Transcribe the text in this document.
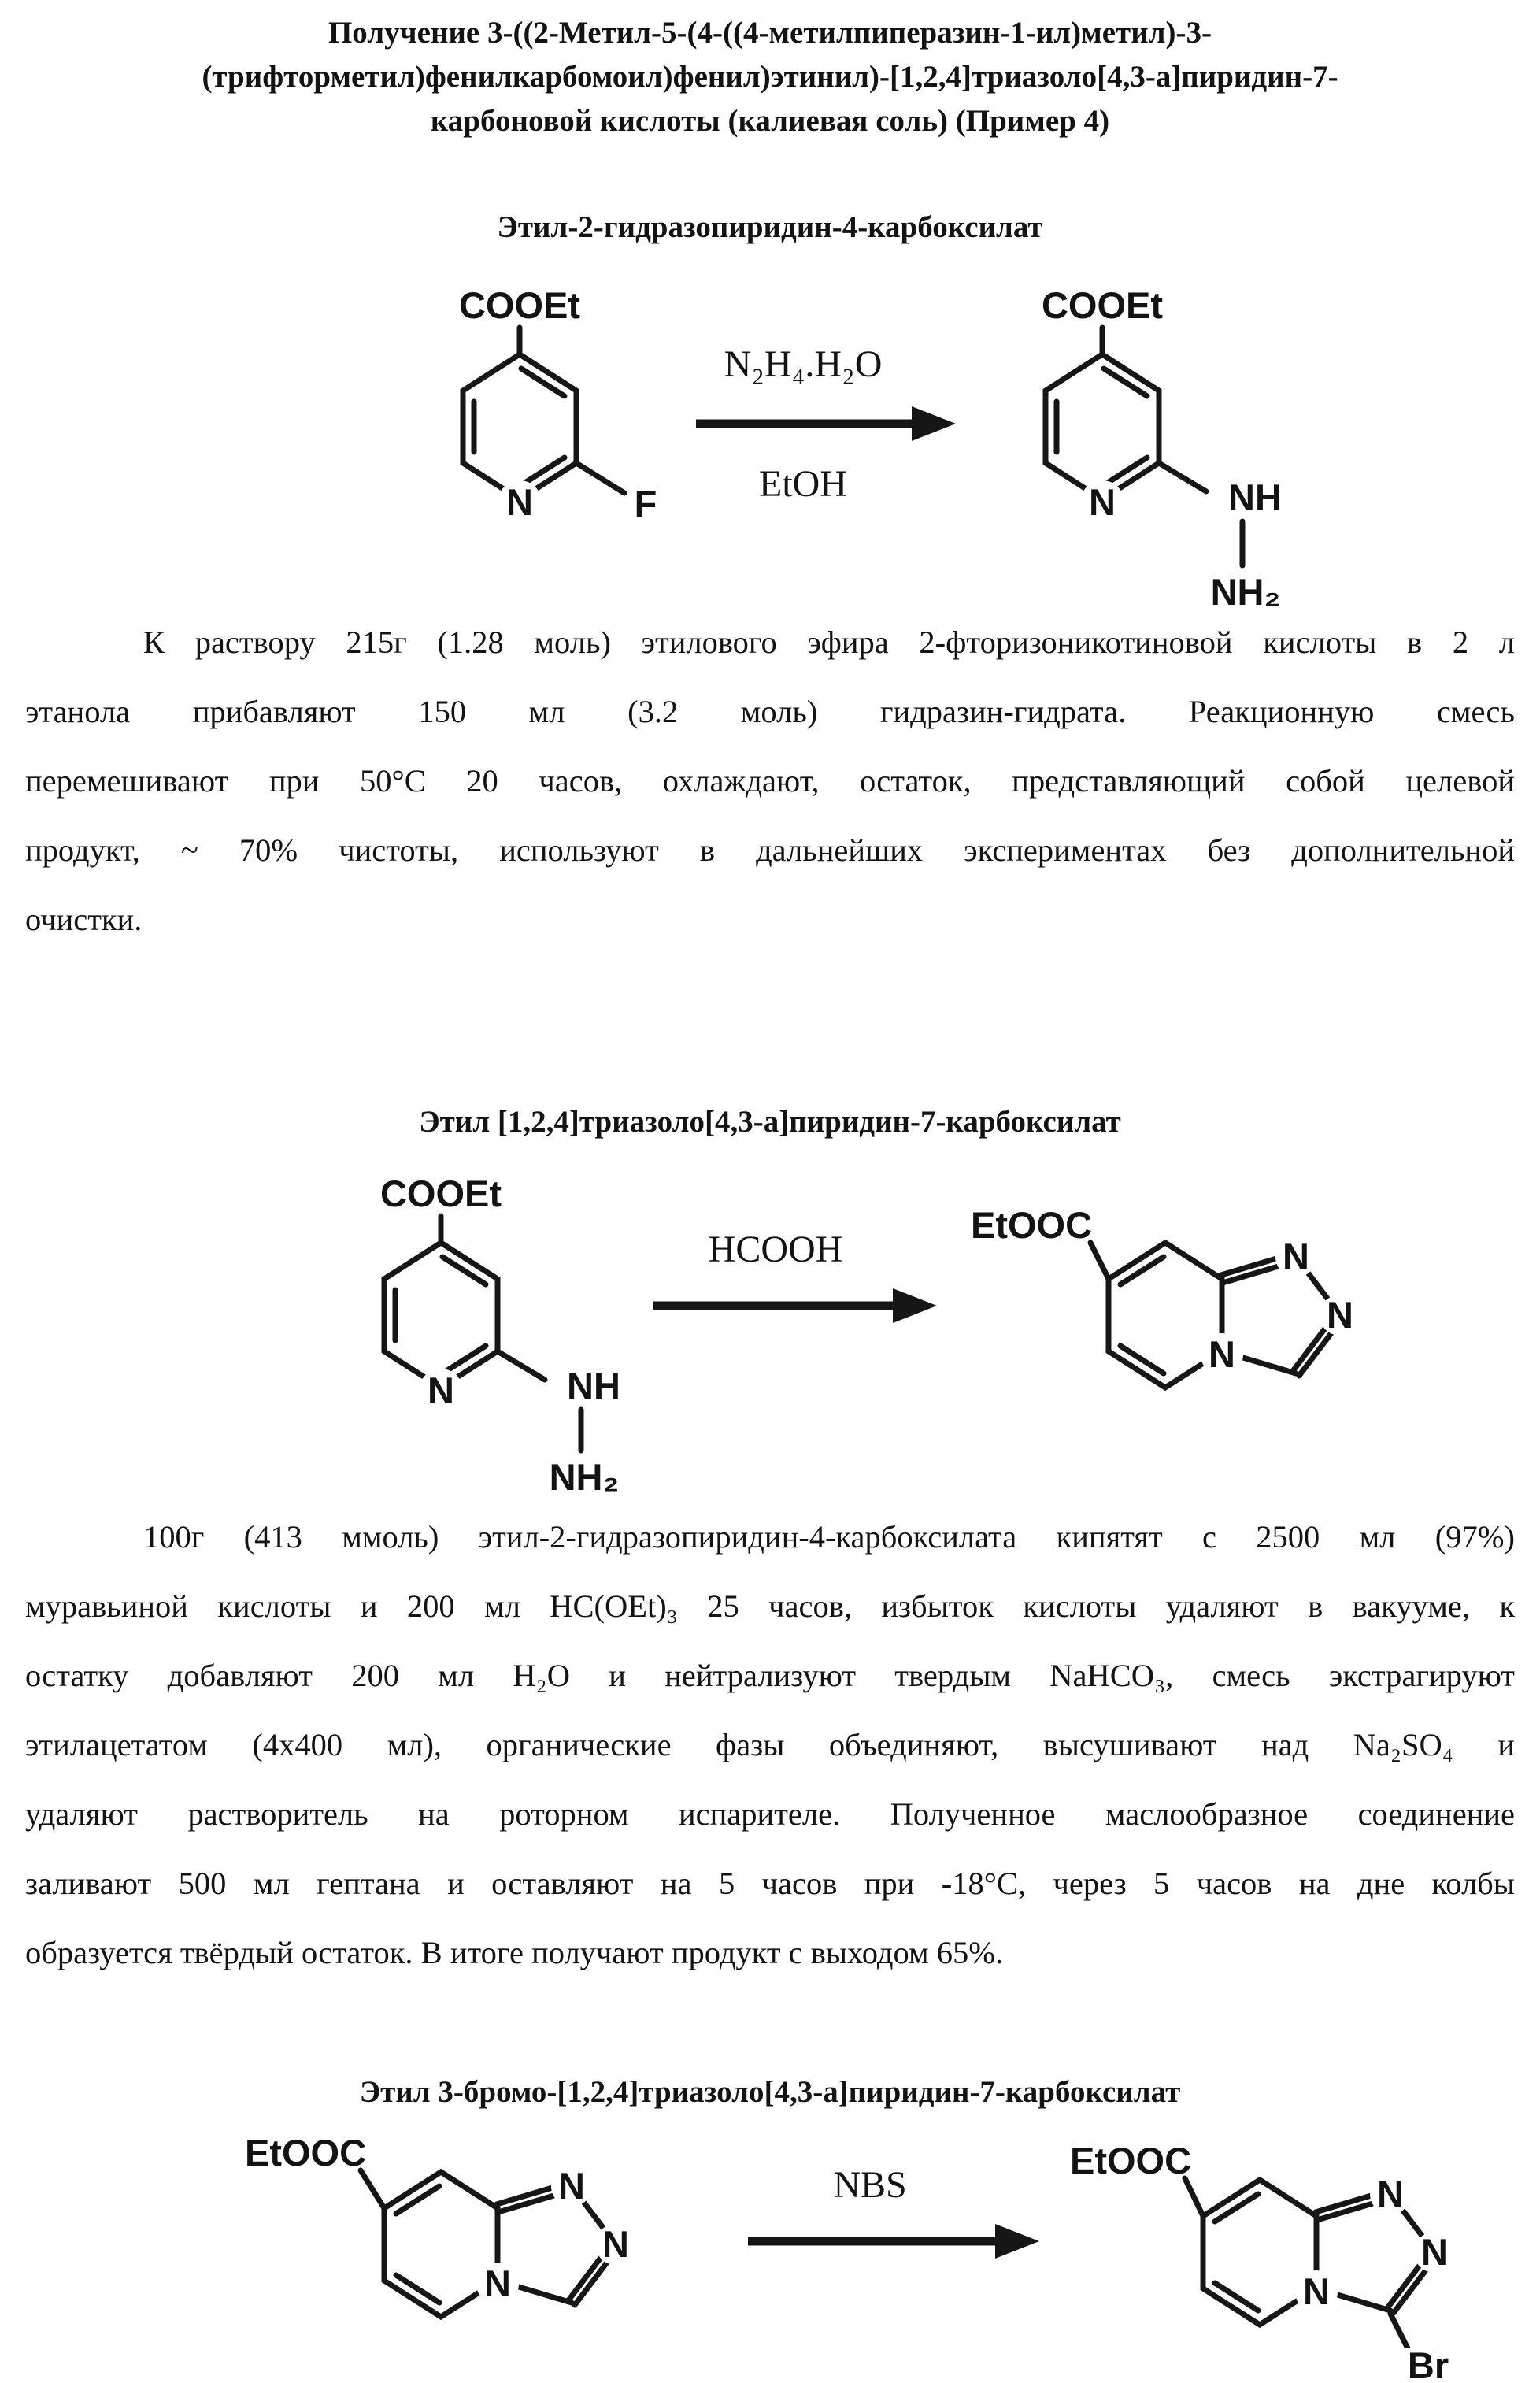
Получение 3-((2-Метил-5-(4-((4-метилпиперазин-1-ил)метил)-3-
(трифторметил)фенилкарбомоил)фенил)этинил)-[1,2,4]триазоло[4,3-а]пиридин-7-
карбоновой кислоты (калиевая соль) (Пример 4)
Этил-2-гидразопиридин-4-карбоксилат
COOEt
N	F
N₂H₄.H₂O
EtOH
COOEt
N	NH
NH₂
К раствору 215г (1.28 моль) этилового эфира 2-фторизоникотиновой кислоты в 2 л
этанола прибавляют 150 мл (3.2 моль) гидразин-гидрата. Реакционную смесь
перемешивают при 50°С 20 часов, охлаждают, остаток, представляющий собой целевой
продукт, ~ 70% чистоты, используют в дальнейших экспериментах без дополнительной
очистки.
Этил [1,2,4]триазоло[4,3-а]пиридин-7-карбоксилат
COOEt
N	NH
NH₂
HCOOH
EtOOC
N
N
N
100г (413 ммоль) этил-2-гидразопиридин-4-карбоксилата кипятят с 2500 мл (97%)
муравьиной кислоты и 200 мл HC(OEt)₃ 25 часов, избыток кислоты удаляют в вакууме, к
остатку добавляют 200 мл H₂O и нейтрализуют твердым NaHCO₃, смесь экстрагируют
этилацетатом (4x400 мл), органические фазы объединяют, высушивают над Na₂SO₄ и
удаляют растворитель на роторном испарителе. Полученное маслообразное соединение
заливают 500 мл гептана и оставляют на 5 часов при -18°С, через 5 часов на дне колбы
образуется твёрдый остаток. В итоге получают продукт с выходом 65%.
Этил 3-бромо-[1,2,4]триазоло[4,3-а]пиридин-7-карбоксилат
EtOOC
N
N
N
NBS
EtOOC
N
N
N
Br
